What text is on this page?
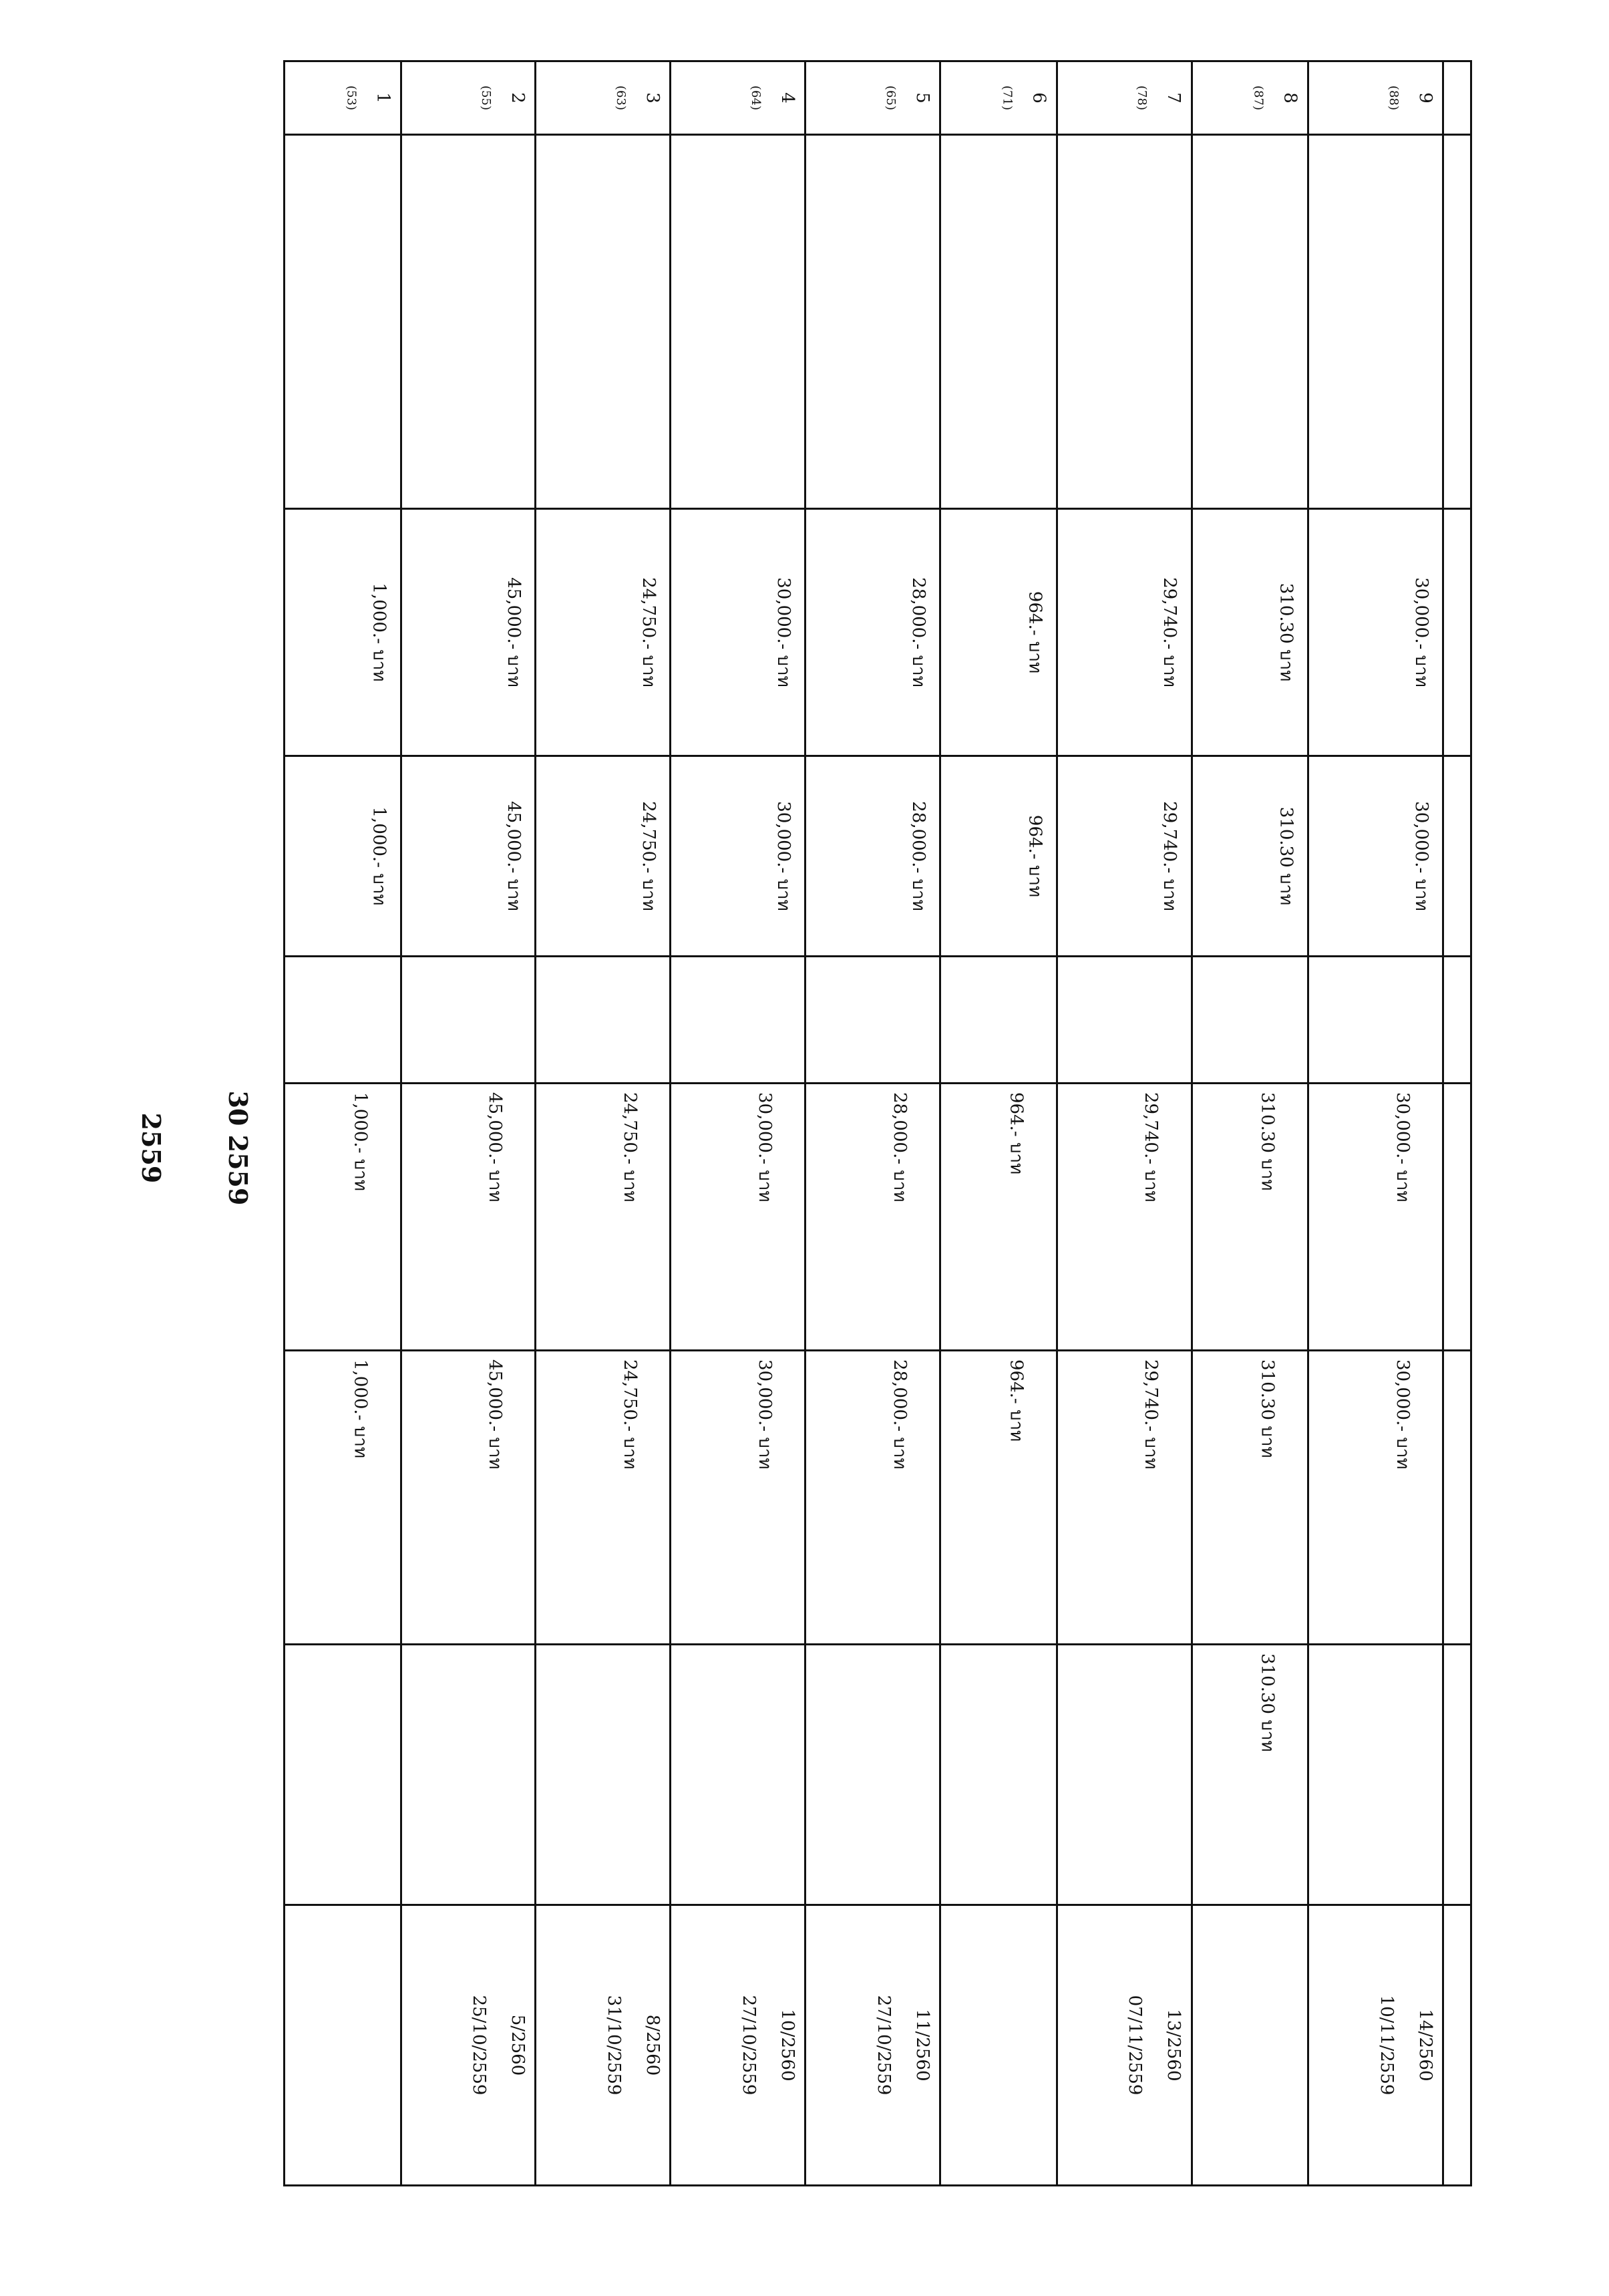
2559 30 2559
1
(53)		1,000.- บาท	1,000.- บาท		1,000.- บาท	1,000.- บาท		

2
(55)		45,000.- บาท	45,000.- บาท		45,000.- บาท	45,000.- บาท		5/2560
25/10/2559

3
(63)		24,750.- บาท	24,750.- บาท		24,750.- บาท	24,750.- บาท		8/2560
31/10/2559

4
(64)		30,000.- บาท	30,000.- บาท		30,000.- บาท	30,000.- บาท		10/2560
27/10/2559

5
(65)		28,000.- บาท	28,000.- บาท		28,000.- บาท	28,000.- บาท		11/2560
27/10/2559

6
(71)		964.- บาท	964.- บาท		964.- บาท	964.- บาท		

7
(78)		29,740.- บาท	29,740.- บาท		29,740.- บาท	29,740.- บาท		13/2560
07/11/2559

8
(87)		310.30 บาท	310.30 บาท		310.30 บาท	310.30 บาท	310.30 บาท	

9
(88)		30,000.- บาท	30,000.- บาท		30,000.- บาท	30,000.- บาท		14/2560
10/11/2559
